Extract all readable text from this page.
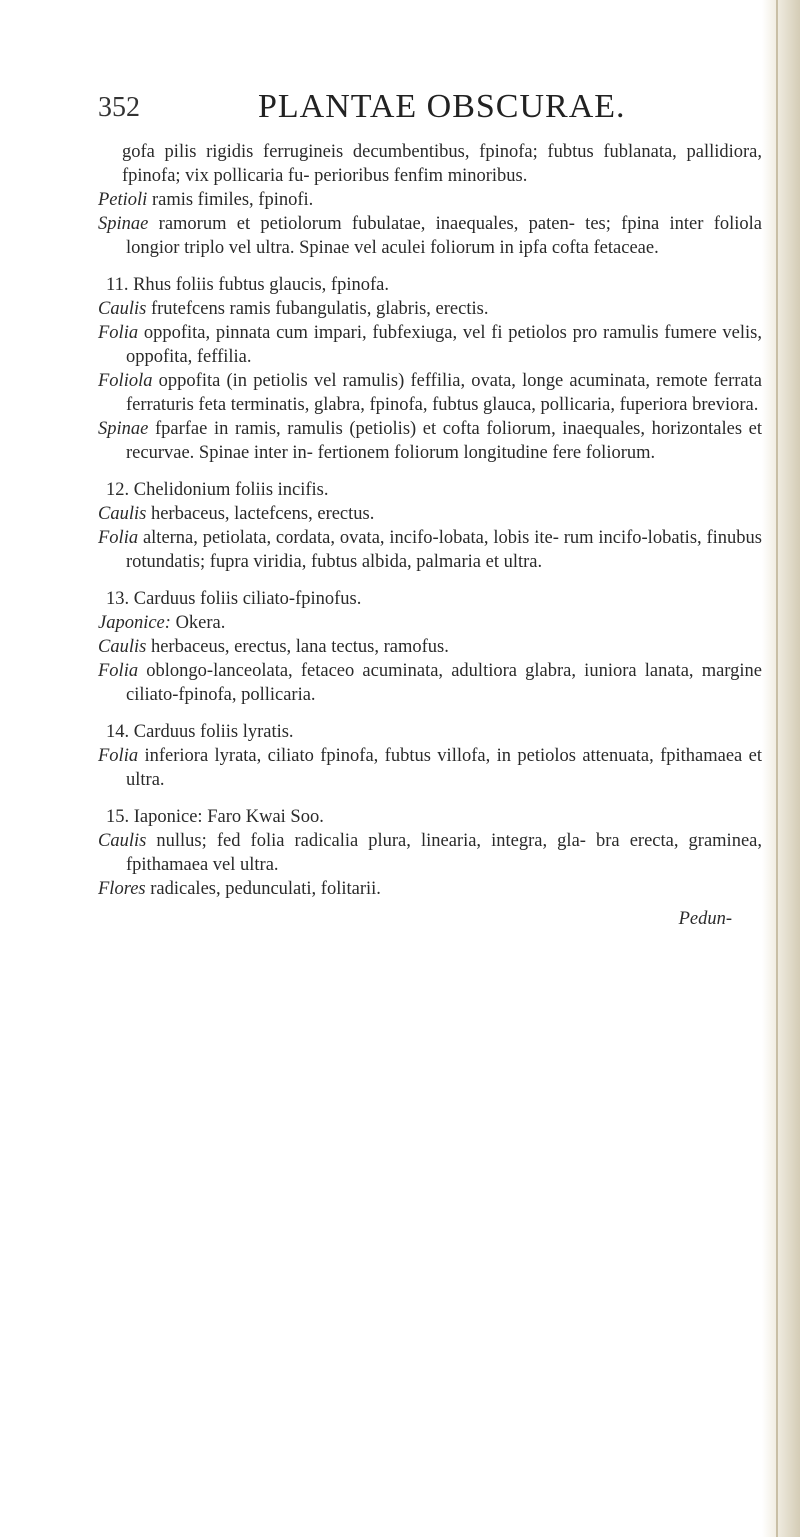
352	PLANTAE OBSCURAE.

gofa pilis rigidis ferrugineis decumbentibus, fpinofa; fubtus fublanata, pallidiora, fpinofa; vix pollicaria fu- perioribus fenfim minoribus.

Petioli ramis fimiles, fpinofi.

Spinae ramorum et petiolorum fubulatae, inaequales, paten- tes; fpina inter foliola longior triplo vel ultra. Spinae vel aculei foliorum in ipfa cofta fetaceae.

11. Rhus foliis fubtus glaucis, fpinofa.

Caulis frutefcens ramis fubangulatis, glabris, erectis.

Folia oppofita, pinnata cum impari, fubfexiuga, vel fi petiolos pro ramulis fumere velis, oppofita, feffilia.

Foliola oppofita (in petiolis vel ramulis) feffilia, ovata, longe acuminata, remote ferrata ferraturis feta terminatis, glabra, fpinofa, fubtus glauca, pollicaria, fuperiora breviora.

Spinae fparfae in ramis, ramulis (petiolis) et cofta foliorum, inaequales, horizontales et recurvae. Spinae inter in- fertionem foliorum longitudine fere foliorum.

12. Chelidonium foliis incifis.

Caulis herbaceus, lactefcens, erectus.

Folia alterna, petiolata, cordata, ovata, incifo-lobata, lobis ite- rum incifo-lobatis, finubus rotundatis; fupra viridia, fubtus albida, palmaria et ultra.

13. Carduus foliis ciliato-fpinofus.

Japonice: Okera.

Caulis herbaceus, erectus, lana tectus, ramofus.

Folia oblongo-lanceolata, fetaceo acuminata, adultiora glabra, iuniora lanata, margine ciliato-fpinofa, pollicaria.

14. Carduus foliis lyratis.

Folia inferiora lyrata, ciliato fpinofa, fubtus villofa, in petiolos attenuata, fpithamaea et ultra.

15. Iaponice: Faro Kwai Soo.

Caulis nullus; fed folia radicalia plura, linearia, integra, gla- bra erecta, graminea, fpithamaea vel ultra.

Flores radicales, pedunculati, folitarii.

Pedun-
